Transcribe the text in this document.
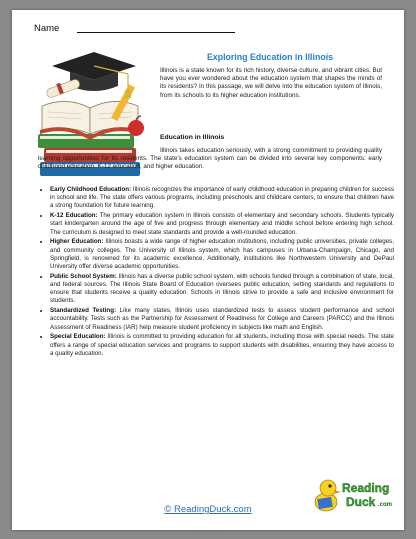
Name
Exploring Education in Illinois
Illinois is a state known for its rich history, diverse culture, and vibrant cities. But have you ever wondered about the education system that shapes the minds of its residents? In this passage, we will delve into the education system of Illinois, from its schools to its higher education institutions.
Education in Illinois
Illinois takes education seriously, with a strong commitment to providing quality learning opportunities for its residents. The state's education system can be divided into several key components: early childhood education, K-12 education, and higher education.
• Early Childhood Education: Illinois recognizes the importance of early childhood education in preparing children for success in school and life. The state offers various programs, including preschools and childcare centers, to ensure that children have a strong foundation for future learning.
• K-12 Education: The primary education system in Illinois consists of elementary and secondary schools. Students typically start kindergarten around the age of five and progress through elementary and middle school before entering high school. The curriculum is designed to meet state standards and provide a well-rounded education.
• Higher Education: Illinois boasts a wide range of higher education institutions, including public universities, private colleges, and community colleges. The University of Illinois system, which has campuses in Urbana-Champaign, Chicago, and Springfield, is renowned for its academic excellence. Additionally, institutions like Northwestern University and DePaul University offer diverse academic opportunities.
• Public School System: Illinois has a diverse public school system, with schools funded through a combination of state, local, and federal sources. The Illinois State Board of Education oversees public education, setting standards and regulations to ensure that students receive a quality education. Schools in Illinois strive to provide a safe and inclusive environment for students.
• Standardized Testing: Like many states, Illinois uses standardized tests to assess student performance and school accountability. Tests such as the Partnership for Assessment of Readiness for College and Careers (PARCC) and the Illinois Assessment of Readiness (IAR) help measure student proficiency in subjects like math and English.
• Special Education: Illinois is committed to providing education for all students, including those with special needs. The state offers a range of special education services and programs to support students with disabilities, ensuring they have access to a quality education.
© ReadingDuck.com
Reading
Duck .com
